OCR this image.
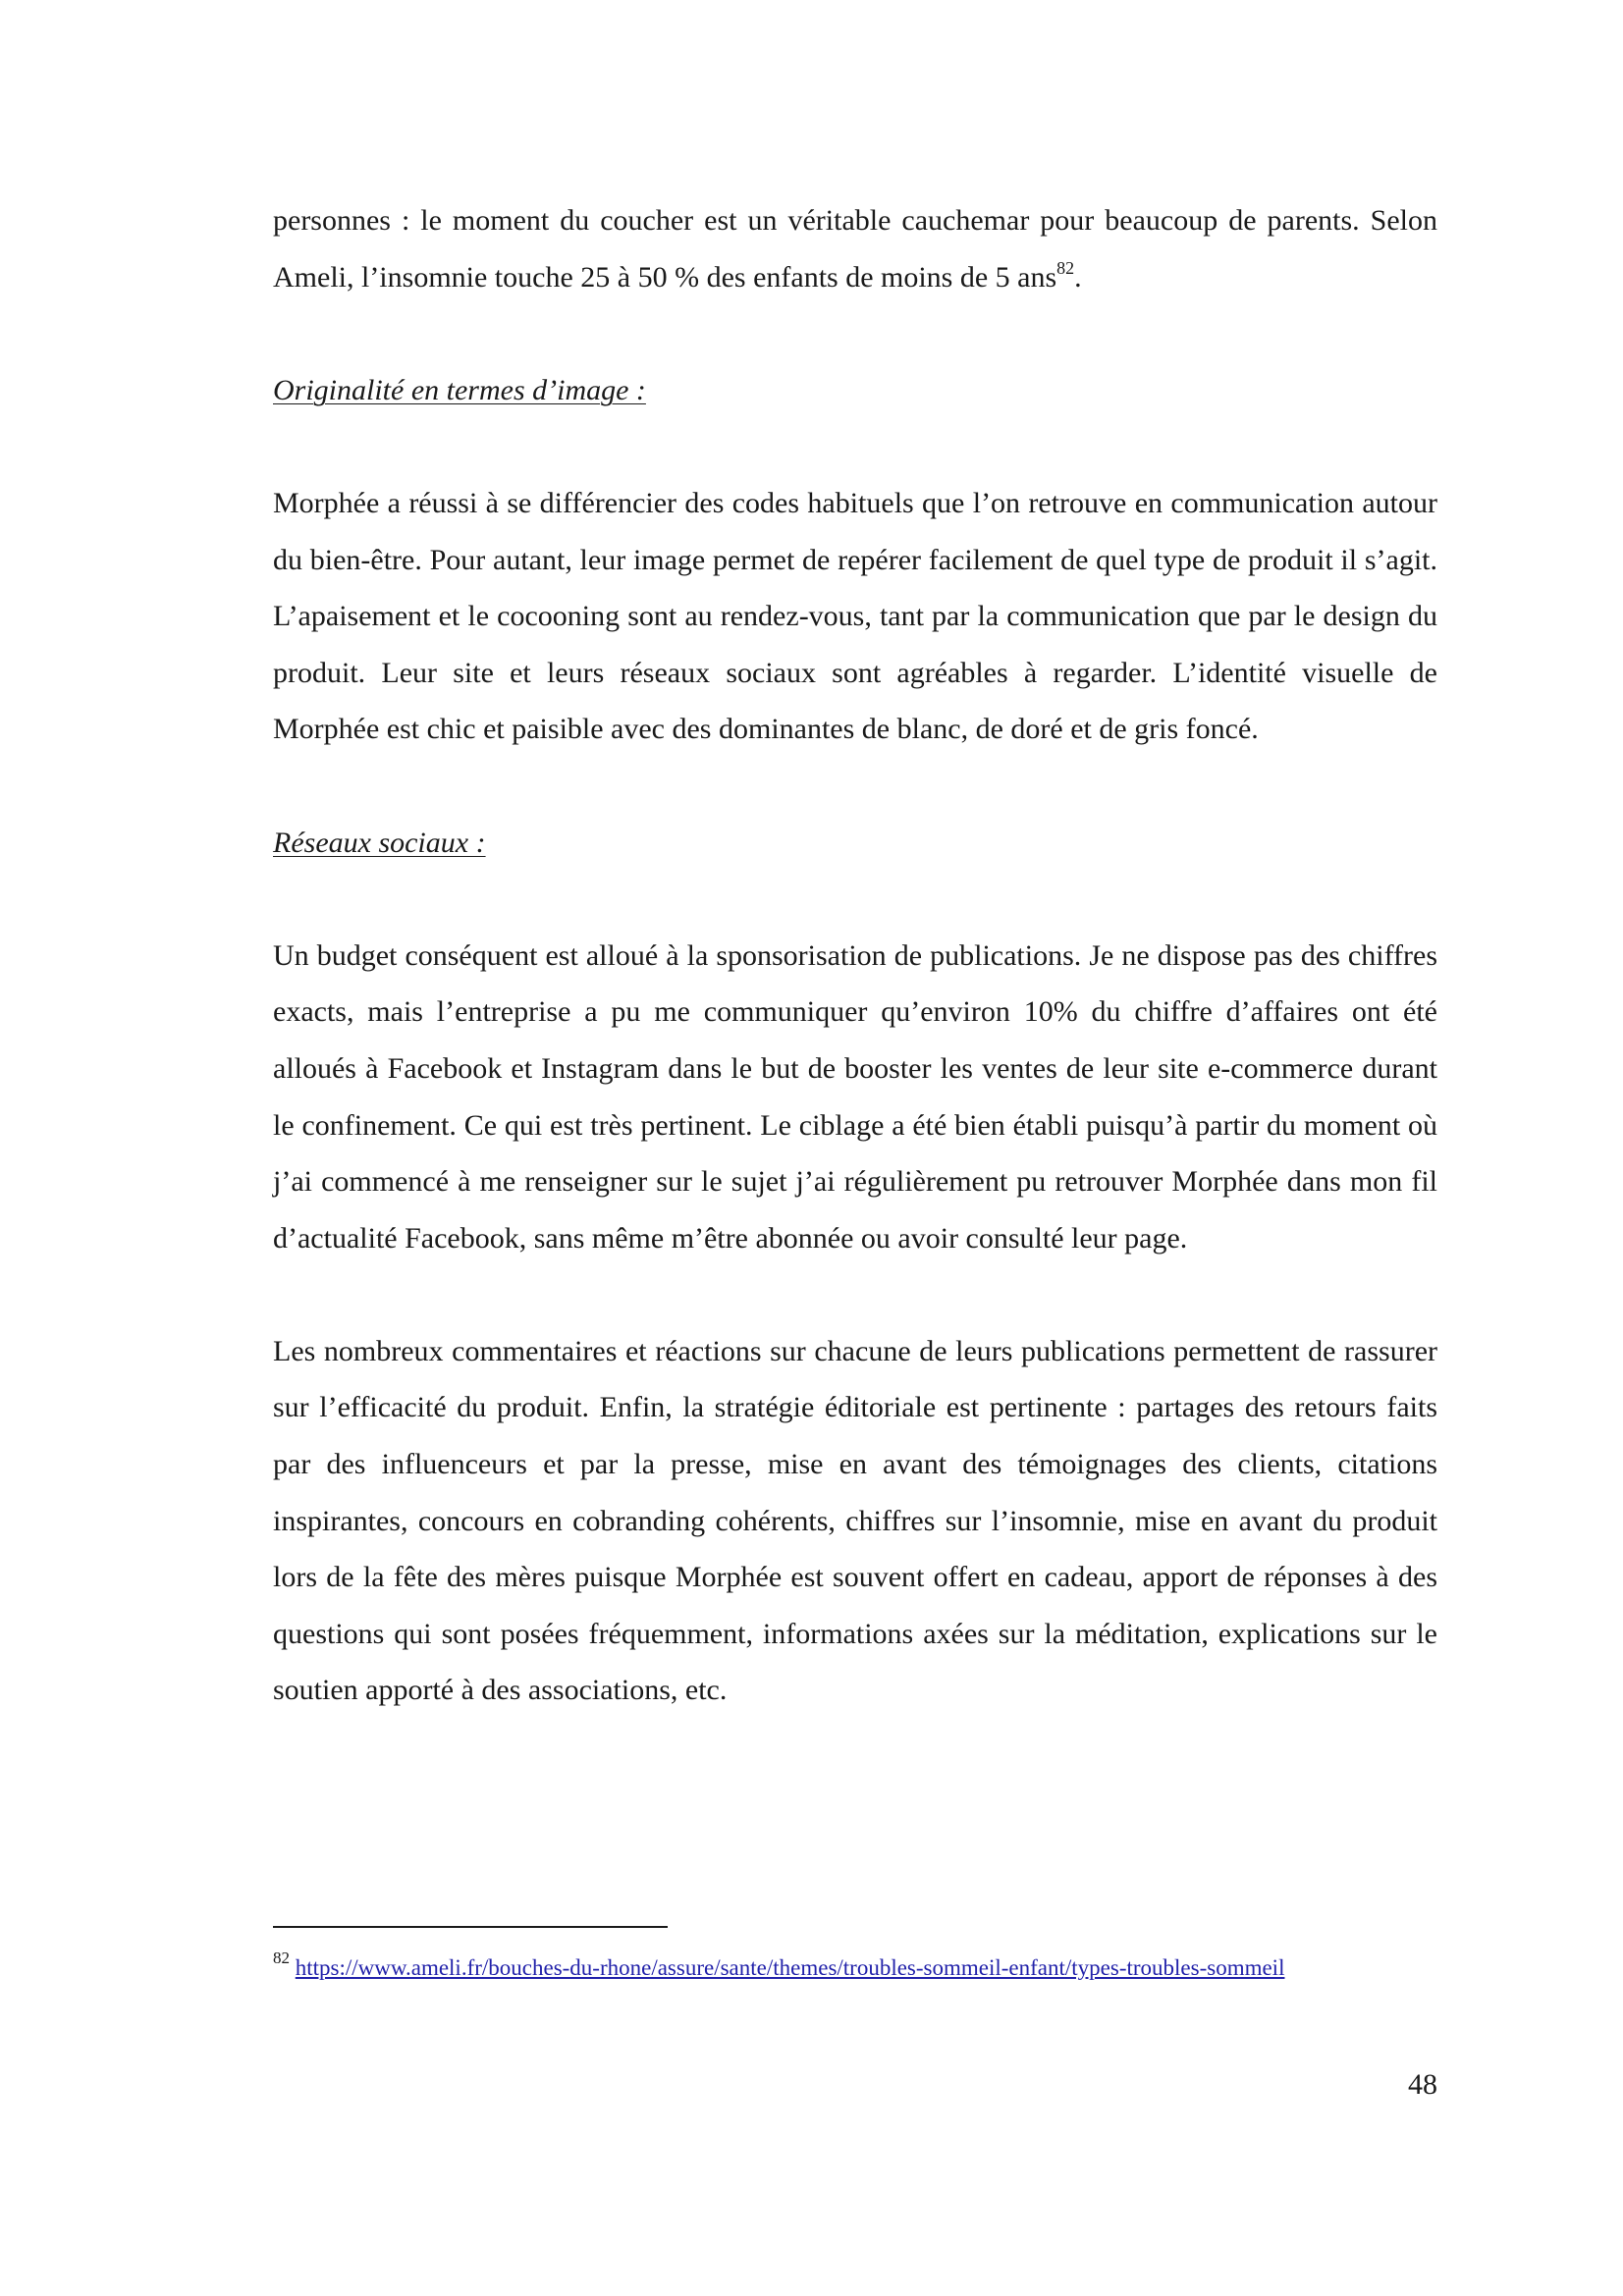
personnes : le moment du coucher est un véritable cauchemar pour beaucoup de parents. Selon Ameli, l’insomnie touche 25 à 50 % des enfants de moins de 5 ans$^{82}$.

Originalité en termes d’image :

Morphée a réussi à se différencier des codes habituels que l’on retrouve en communication autour du bien-être. Pour autant, leur image permet de repérer facilement de quel type de produit il s’agit. L’apaisement et le cocooning sont au rendez-vous, tant par la communication que par le design du produit. Leur site et leurs réseaux sociaux sont agréables à regarder. L’identité visuelle de Morphée est chic et paisible avec des dominantes de blanc, de doré et de gris foncé.

Réseaux sociaux :

Un budget conséquent est alloué à la sponsorisation de publications. Je ne dispose pas des chiffres exacts, mais l’entreprise a pu me communiquer qu’environ 10% du chiffre d’affaires ont été alloués à Facebook et Instagram dans le but de booster les ventes de leur site e-commerce durant le confinement. Ce qui est très pertinent. Le ciblage a été bien établi puisqu’à partir du moment où j’ai commencé à me renseigner sur le sujet j’ai régulièrement pu retrouver Morphée dans mon fil d’actualité Facebook, sans même m’être abonnée ou avoir consulté leur page.

Les nombreux commentaires et réactions sur chacune de leurs publications permettent de rassurer sur l’efficacité du produit. Enfin, la stratégie éditoriale est pertinente : partages des retours faits par des influenceurs et par la presse, mise en avant des témoignages des clients, citations inspirantes, concours en cobranding cohérents, chiffres sur l’insomnie, mise en avant du produit lors de la fête des mères puisque Morphée est souvent offert en cadeau, apport de réponses à des questions qui sont posées fréquemment, informations axées sur la méditation, explications sur le soutien apporté à des associations, etc.

$^{82}$ https://www.ameli.fr/bouches-du-rhone/assure/sante/themes/troubles-sommeil-enfant/types-troubles-sommeil
48
